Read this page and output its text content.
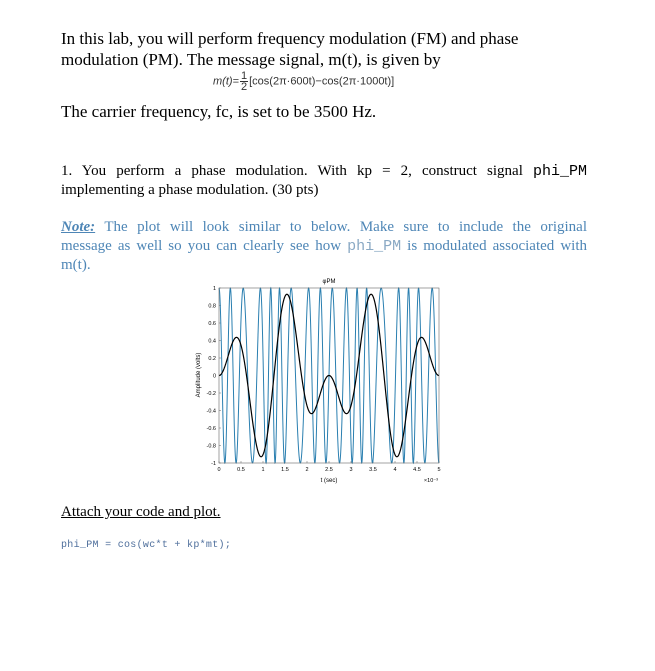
In this lab, you will perform frequency modulation (FM) and phase
modulation (PM). The message signal, m(t), is given by
$m(t)= \frac{1}{2} [\cos(2\pi\cdot 600t)-\cos(2\pi\cdot 1000t)]$
The carrier frequency, fc, is set to be 3500 Hz.
1. You perform a phase modulation. With kp = 2, construct signal phi_PM
implementing a phase modulation. (30 pts)
Note: The plot will look similar to below. Make sure to include the original
message as well so you can clearly see how phi_PM is modulated associated with
m(t).
φPM
Amplitude (volts)
t (sec)	×10⁻³
0	0.5	1	1.5	2	2.5	3	3.5	4	4.5	5
1
0.8
0.6
0.4
0.2
0
-0.2
-0.4
-0.6
-0.8
-1
Attach your code and plot.
phi_PM = cos(wc*t + kp*mt);
